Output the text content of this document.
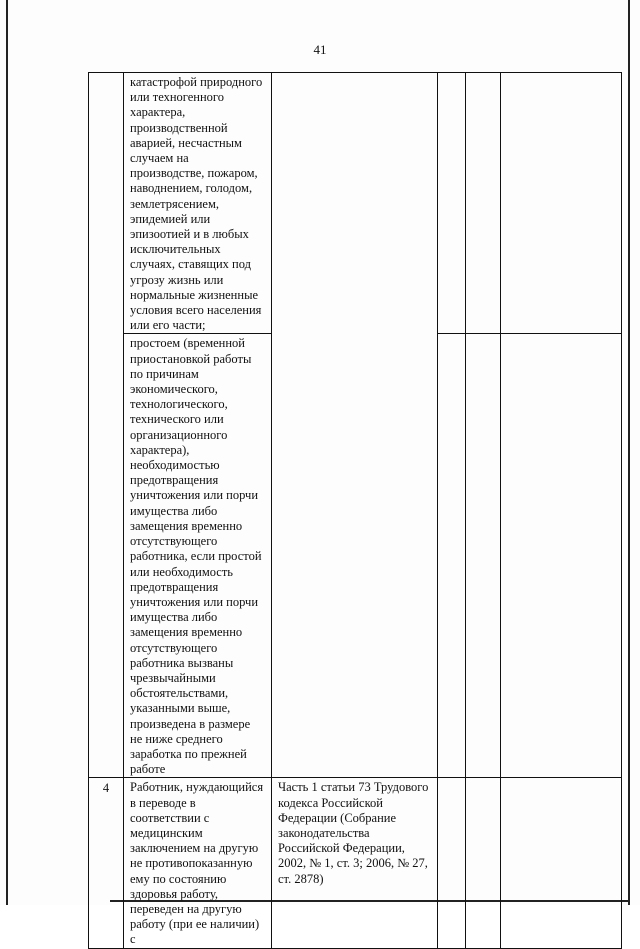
41

	катастрофой природного или техногенного характера, производственной аварией, несчастным случаем на производстве, пожаром, наводнением, голодом, землетрясением, эпидемией или эпизоотией и в любых исключительных случаях, ставящих под угрозу жизнь или нормальные жизненные условия всего населения или его части;				

	простоем (временной приостановкой работы по причинам экономического, технологического, технического или организационного характера), необходимостью предотвращения уничтожения или порчи имущества либо замещения временно отсутствующего работника, если простой или необходимость предотвращения уничтожения или порчи имущества либо замещения временно отсутствующего работника вызваны чрезвычайными обстоятельствами, указанными выше, произведена в размере не ниже среднего заработка по прежней работе				

4	Работник, нуждающийся в переводе в соответствии с медицинским заключением на другую не противопоказанную ему по состоянию здоровья работу, переведен на другую работу (при ее наличии) с	Часть 1 статьи 73 Трудового кодекса Российской Федерации (Собрание законодательства Российской Федерации, 2002, № 1, ст. 3; 2006, № 27, ст. 2878)			
